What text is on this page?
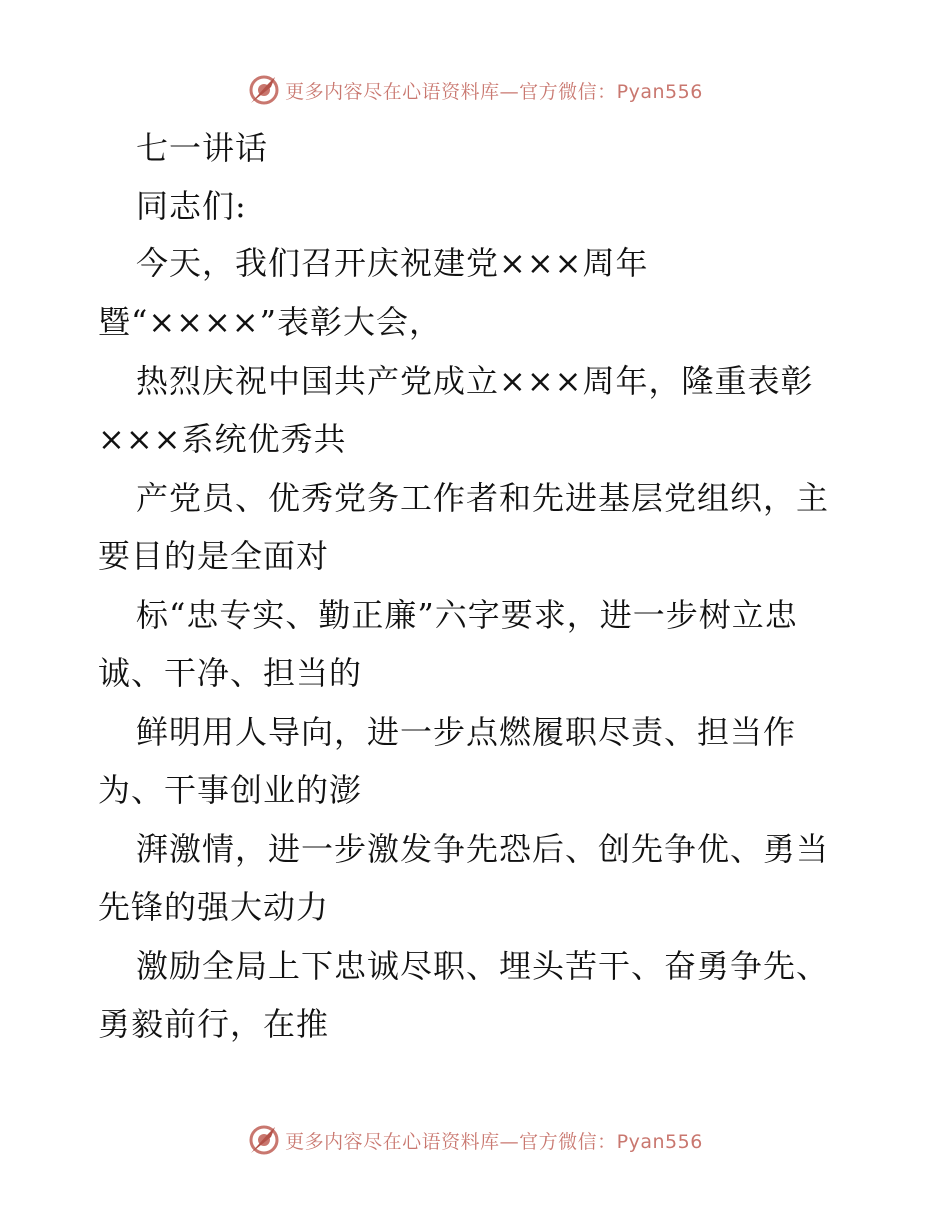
更多内容尽在心语资料库—官方微信：Pyan556
七一讲话
同志们:
今天，我们召开庆祝建党×××周年
暨“××××”表彰大会，
热烈庆祝中国共产党成立×××周年，隆重表彰
×××系统优秀共
产党员、优秀党务工作者和先进基层党组织，主
要目的是全面对
标“忠专实、勤正廉”六字要求，进一步树立忠
诚、干净、担当的
鲜明用人导向，进一步点燃履职尽责、担当作
为、干事创业的澎
湃激情，进一步激发争先恐后、创先争优、勇当
先锋的强大动力
激励全局上下忠诚尽职、埋头苦干、奋勇争先、
勇毅前行，在推
更多内容尽在心语资料库—官方微信：Pyan556
